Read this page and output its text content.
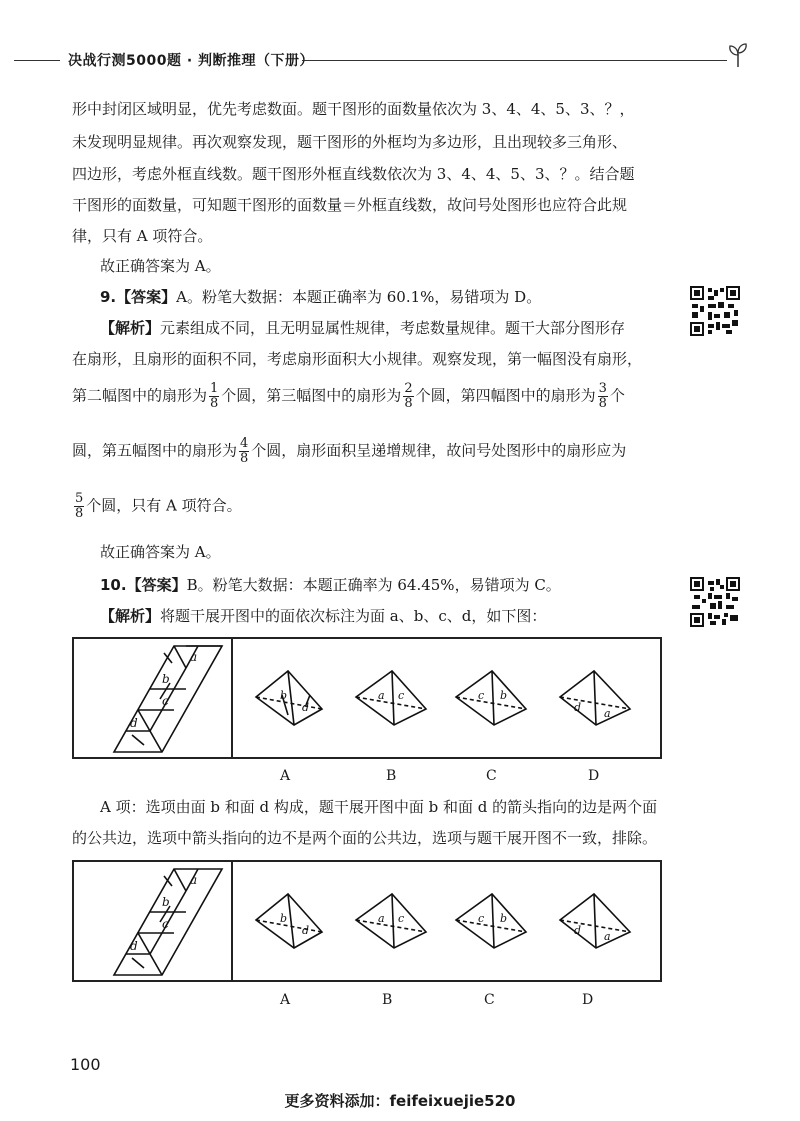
决战行测5000题 · 判断推理（下册）
形中封闭区域明显，优先考虑数面。题干图形的面数量依次为 3、4、4、5、3、？，
未发现明显规律。再次观察发现，题干图形的外框均为多边形，且出现较多三角形、
四边形，考虑外框直线数。题干图形外框直线数依次为 3、4、4、5、3、？。结合题
干图形的面数量，可知题干图形的面数量＝外框直线数，故问号处图形也应符合此规
律，只有 A 项符合。
故正确答案为 A。
9.【答案】A。粉笔大数据：本题正确率为 60.1%，易错项为 D。
【解析】元素组成不同，且无明显属性规律，考虑数量规律。题干大部分图形存
在扇形，且扇形的面积不同，考虑扇形面积大小规律。观察发现，第一幅图没有扇形，
第二幅图中的扇形为 $\frac{1}{8}$ 个圆，第三幅图中的扇形为 $\frac{2}{8}$ 个圆，第四幅图中的扇形为 $\frac{3}{8}$ 个
圆，第五幅图中的扇形为 $\frac{4}{8}$ 个圆，扇形面积呈递增规律，故问号处图形中的扇形应为
$\frac{5}{8}$ 个圆，只有 A 项符合。
故正确答案为 A。
10.【答案】B。粉笔大数据：本题正确率为 64.45%，易错项为 C。
【解析】将题干展开图中的面依次标注为面 a、b、c、d，如下图：
a
b
c
d
b
d
a c	c b
d a
A	B	C	D
A 项：选项由面 b 和面 d 构成，题干展开图中面 b 和面 d 的箭头指向的边是两个面
的公共边，选项中箭头指向的边不是两个面的公共边，选项与题干展开图不一致，排除。
a
b
c
d
b
d
a c	c b
d a
A	B	C	D
100
更多资料添加：feifeixuejie520
